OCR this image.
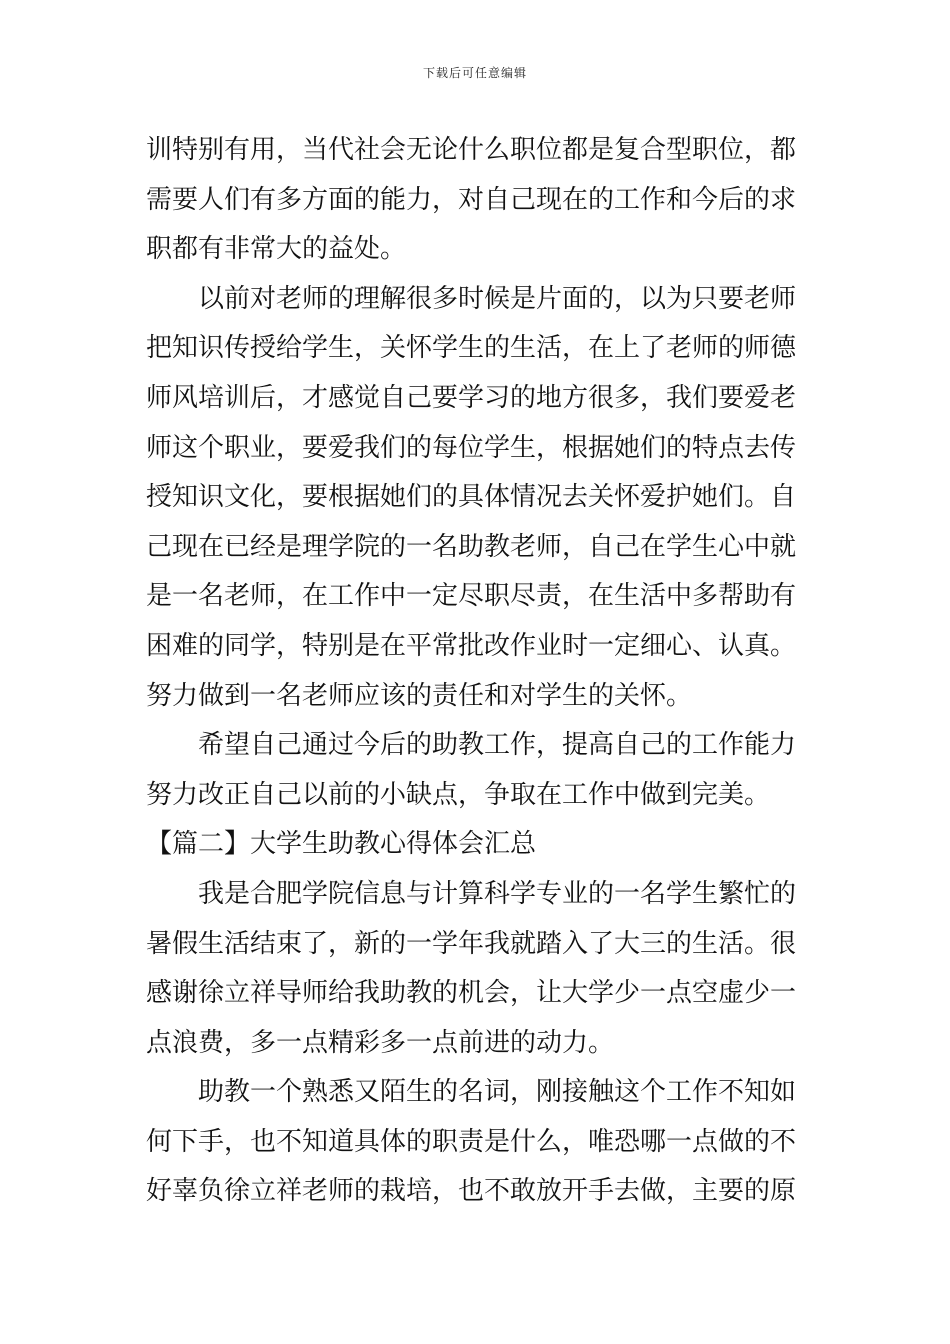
下载后可任意编辑
训特别有用，当代社会无论什么职位都是复合型职位，都
需要人们有多方面的能力，对自己现在的工作和今后的求
职都有非常大的益处。
以前对老师的理解很多时候是片面的，以为只要老师
把知识传授给学生，关怀学生的生活，在上了老师的师德
师风培训后，才感觉自己要学习的地方很多，我们要爱老
师这个职业，要爱我们的每位学生，根据她们的特点去传
授知识文化，要根据她们的具体情况去关怀爱护她们。自
己现在已经是理学院的一名助教老师，自己在学生心中就
是一名老师，在工作中一定尽职尽责，在生活中多帮助有
困难的同学，特别是在平常批改作业时一定细心、认真。
努力做到一名老师应该的责任和对学生的关怀。
希望自己通过今后的助教工作，提高自己的工作能力
努力改正自己以前的小缺点，争取在工作中做到完美。
【篇二】大学生助教心得体会汇总
我是合肥学院信息与计算科学专业的一名学生繁忙的
暑假生活结束了，新的一学年我就踏入了大三的生活。很
感谢徐立祥导师给我助教的机会，让大学少一点空虚少一
点浪费，多一点精彩多一点前进的动力。
助教一个熟悉又陌生的名词，刚接触这个工作不知如
何下手，也不知道具体的职责是什么，唯恐哪一点做的不
好辜负徐立祥老师的栽培，也不敢放开手去做，主要的原
